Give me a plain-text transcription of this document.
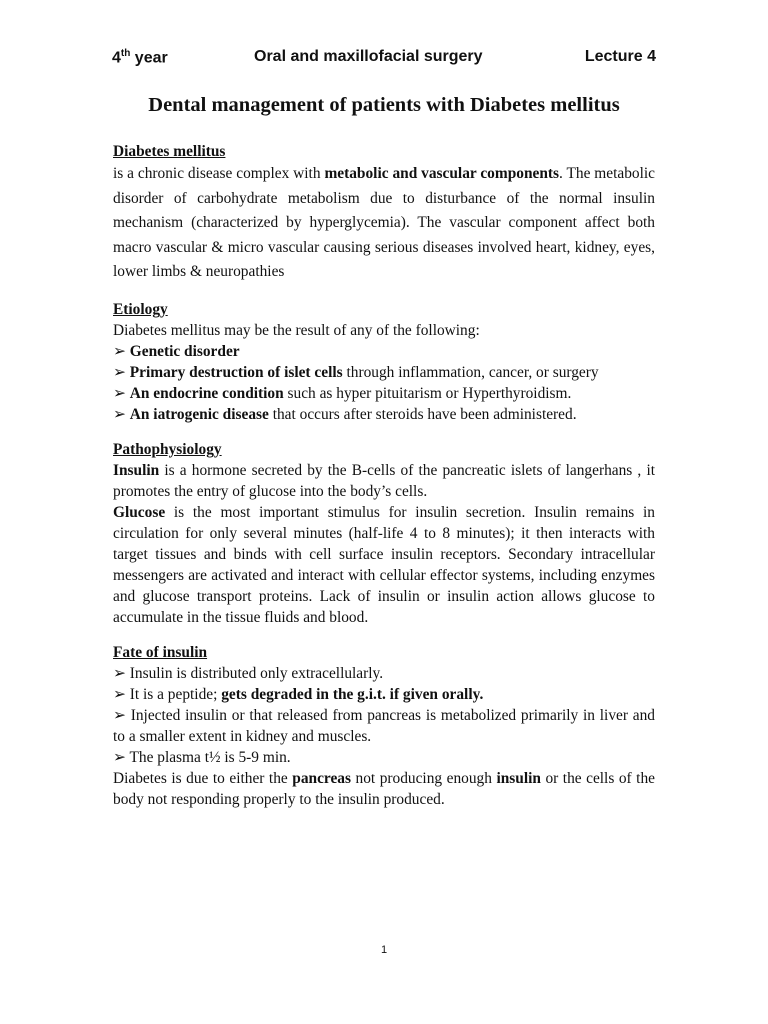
4th year	Oral and maxillofacial surgery	Lecture 4
Dental management of patients with Diabetes mellitus

Diabetes mellitus

is a chronic disease complex with metabolic and vascular components. The metabolic disorder of carbohydrate metabolism due to disturbance of the normal insulin mechanism (characterized by hyperglycemia). The vascular component affect both macro vascular & micro vascular causing serious diseases involved heart, kidney, eyes, lower limbs & neuropathies

Etiology

Diabetes mellitus may be the result of any of the following:

➢ Genetic disorder

➢ Primary destruction of islet cells through inflammation, cancer, or surgery

➢ An endocrine condition such as hyper pituitarism or Hyperthyroidism.

➢ An iatrogenic disease that occurs after steroids have been administered.

Pathophysiology

Insulin is a hormone secreted by the B-cells of the pancreatic islets of langerhans , it promotes the entry of glucose into the body’s cells.

Glucose is the most important stimulus for insulin secretion. Insulin remains in circulation for only several minutes (half-life 4 to 8 minutes); it then interacts with target tissues and binds with cell surface insulin receptors. Secondary intracellular messengers are activated and interact with cellular effector systems, including enzymes and glucose transport proteins. Lack of insulin or insulin action allows glucose to accumulate in the tissue fluids and blood.

Fate of insulin

➢ Insulin is distributed only extracellularly.

➢ It is a peptide; gets degraded in the g.i.t. if given orally.

➢ Injected insulin or that released from pancreas is metabolized primarily in liver and to a smaller extent in kidney and muscles.

➢ The plasma t½ is 5-9 min.

Diabetes is due to either the pancreas not producing enough insulin or the cells of the body not responding properly to the insulin produced.

1
